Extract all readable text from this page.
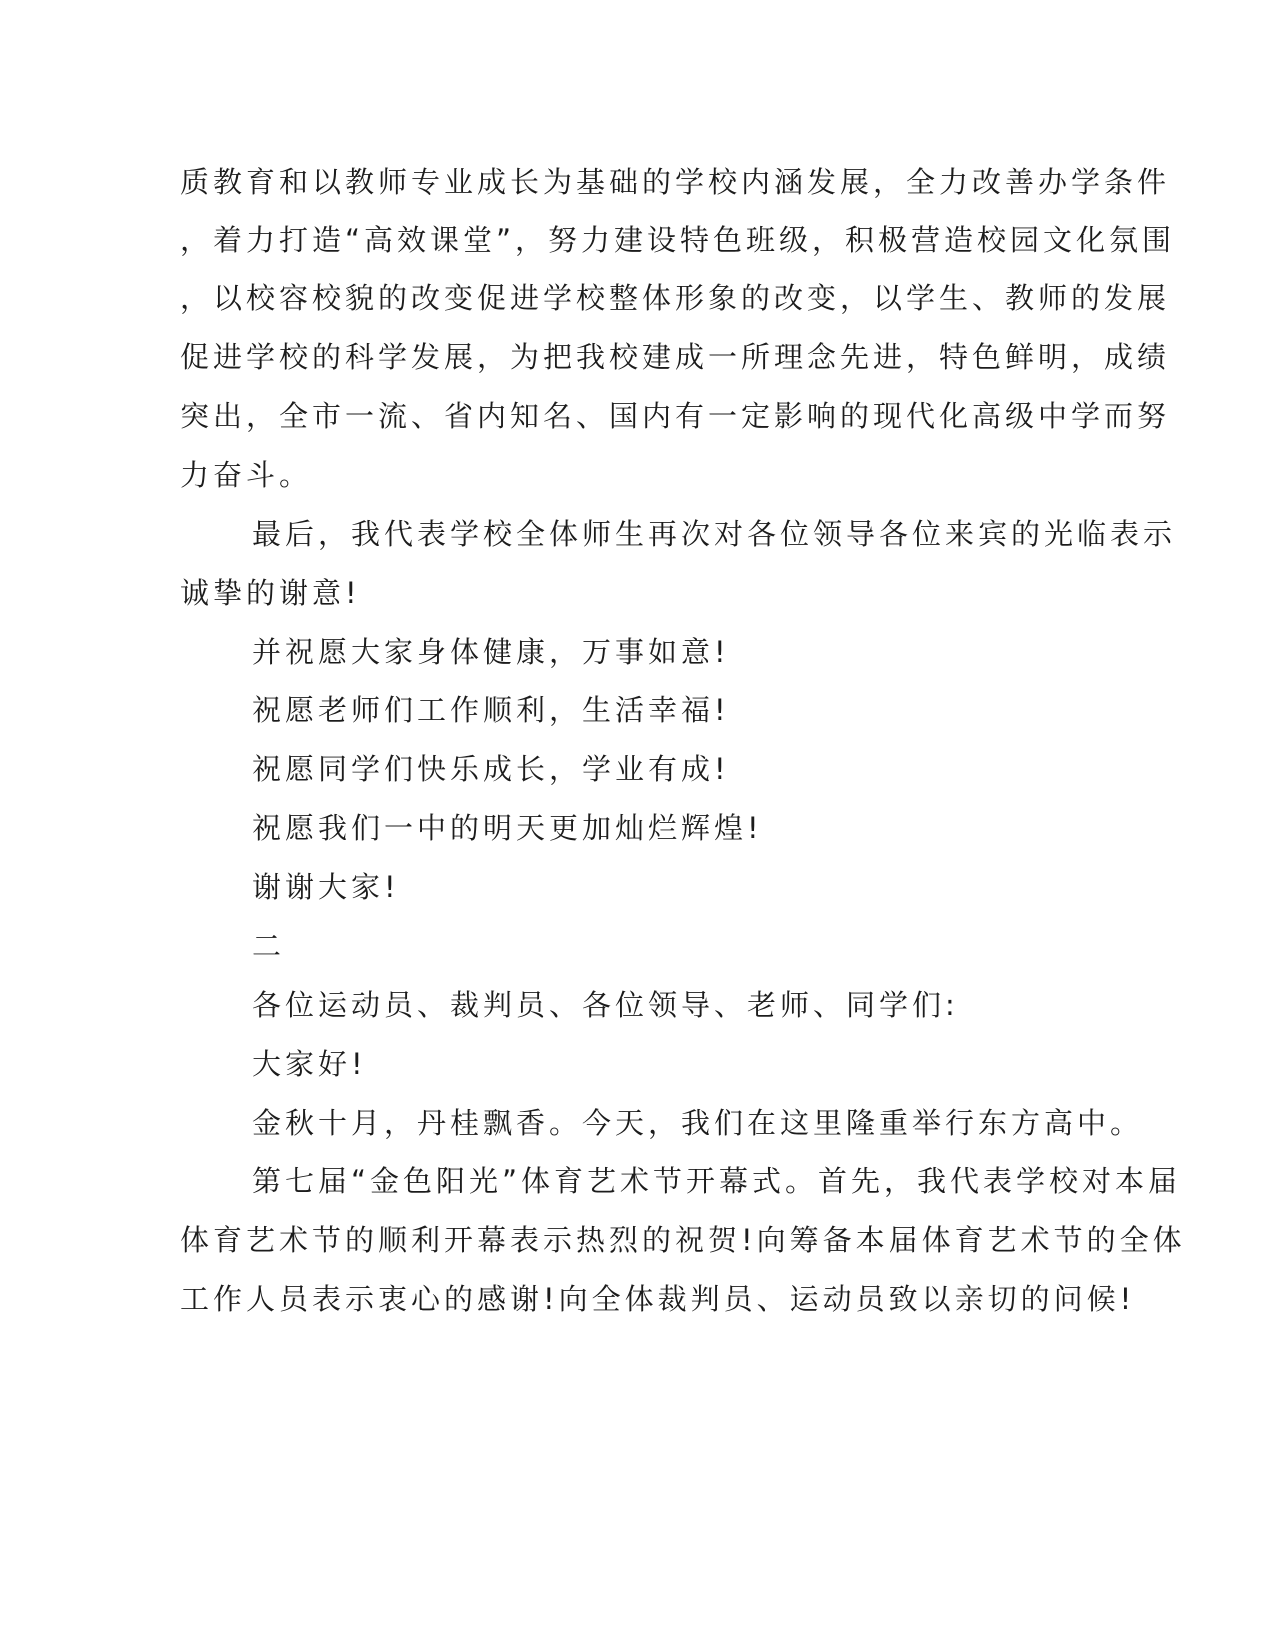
质教育和以教师专业成长为基础的学校内涵发展，全力改善办学条件
，着力打造“高效课堂”，努力建设特色班级，积极营造校园文化氛围
，以校容校貌的改变促进学校整体形象的改变，以学生、教师的发展
促进学校的科学发展，为把我校建成一所理念先进，特色鲜明，成绩
突出，全市一流、省内知名、国内有一定影响的现代化高级中学而努
力奋斗。
最后，我代表学校全体师生再次对各位领导各位来宾的光临表示
诚挚的谢意!
并祝愿大家身体健康，万事如意!
祝愿老师们工作顺利，生活幸福!
祝愿同学们快乐成长，学业有成!
祝愿我们一中的明天更加灿烂辉煌!
谢谢大家!
二
各位运动员、裁判员、各位领导、老师、同学们:
大家好!
金秋十月，丹桂飘香。今天，我们在这里隆重举行东方高中。
第七届“金色阳光”体育艺术节开幕式。首先，我代表学校对本届
体育艺术节的顺利开幕表示热烈的祝贺!向筹备本届体育艺术节的全体
工作人员表示衷心的感谢!向全体裁判员、运动员致以亲切的问候!
